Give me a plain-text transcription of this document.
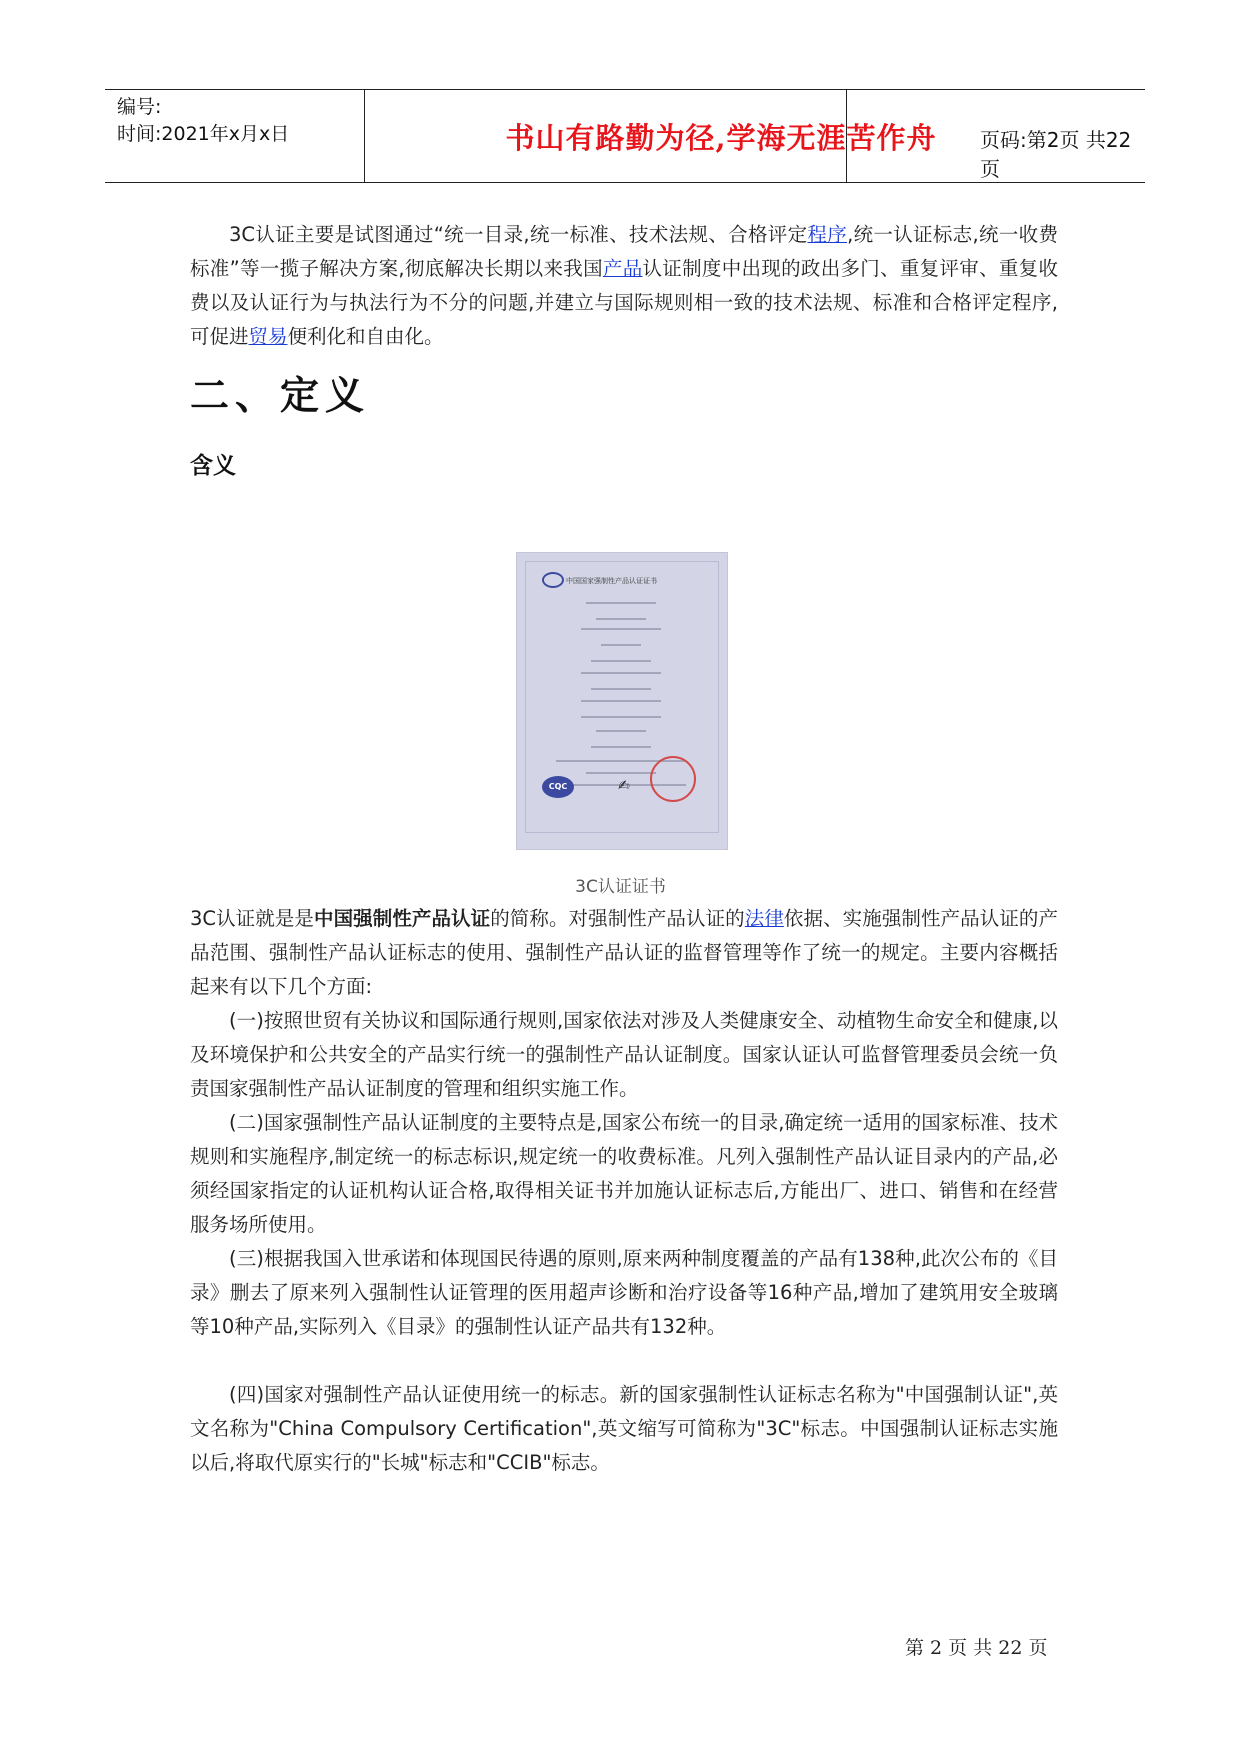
编号:
时间:2021年x月x日	书山有路勤为径,学海无涯苦作舟	页码:第2页 共22页
3C认证主要是试图通过“统一目录,统一标准、技术法规、合格评定程序,统一认证标志,统一收费标准”等一揽子解决方案,彻底解决长期以来我国产品认证制度中出现的政出多门、重复评审、重复收费以及认证行为与执法行为不分的问题,并建立与国际规则相一致的技术法规、标准和合格评定程序,可促进贸易便利化和自由化。
二、定义
含义
中国国家强制性产品认证证书
CQC	✍
3C认证证书
3C认证就是是中国强制性产品认证的简称。对强制性产品认证的法律依据、实施强制性产品认证的产品范围、强制性产品认证标志的使用、强制性产品认证的监督管理等作了统一的规定。主要内容概括起来有以下几个方面:
(一)按照世贸有关协议和国际通行规则,国家依法对涉及人类健康安全、动植物生命安全和健康,以及环境保护和公共安全的产品实行统一的强制性产品认证制度。国家认证认可监督管理委员会统一负责国家强制性产品认证制度的管理和组织实施工作。
(二)国家强制性产品认证制度的主要特点是,国家公布统一的目录,确定统一适用的国家标准、技术规则和实施程序,制定统一的标志标识,规定统一的收费标准。凡列入强制性产品认证目录内的产品,必须经国家指定的认证机构认证合格,取得相关证书并加施认证标志后,方能出厂、进口、销售和在经营服务场所使用。
(三)根据我国入世承诺和体现国民待遇的原则,原来两种制度覆盖的产品有138种,此次公布的《目录》删去了原来列入强制性认证管理的医用超声诊断和治疗设备等16种产品,增加了建筑用安全玻璃等10种产品,实际列入《目录》的强制性认证产品共有132种。
(四)国家对强制性产品认证使用统一的标志。新的国家强制性认证标志名称为"中国强制认证",英文名称为"China Compulsory Certification",英文缩写可简称为"3C"标志。中国强制认证标志实施以后,将取代原实行的"长城"标志和"CCIB"标志。
第 2 页 共 22 页
